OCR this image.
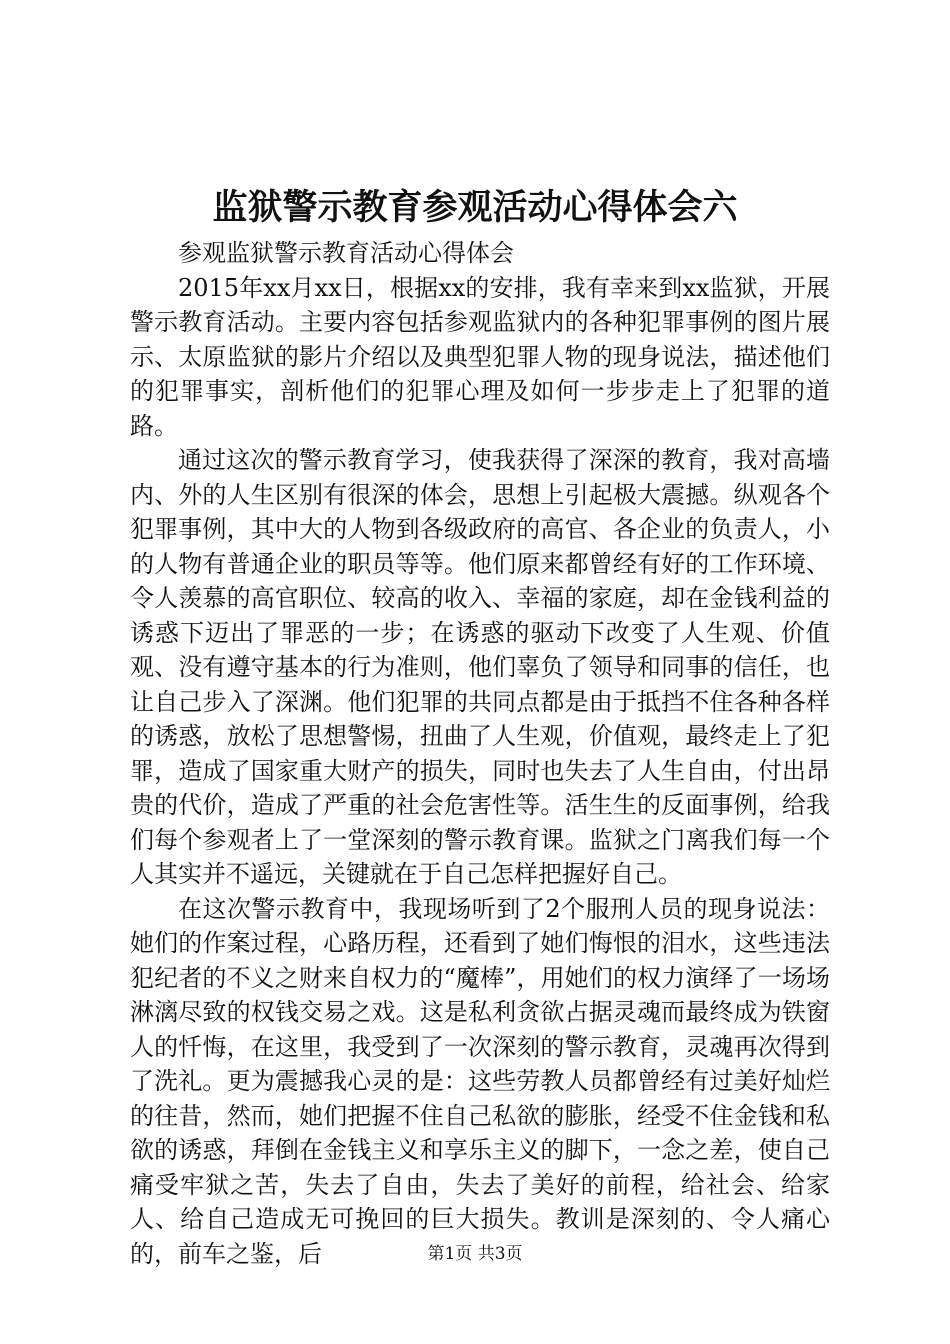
监狱警示教育参观活动心得体会六

参观监狱警示教育活动心得体会

2015年xx月xx日，根据xx的安排，我有幸来到xx监狱，开展警示教育活动。主要内容包括参观监狱内的各种犯罪事例的图片展示、太原监狱的影片介绍以及典型犯罪人物的现身说法，描述他们的犯罪事实，剖析他们的犯罪心理及如何一步步走上了犯罪的道路。

通过这次的警示教育学习，使我获得了深深的教育，我对高墙内、外的人生区别有很深的体会，思想上引起极大震撼。纵观各个犯罪事例，其中大的人物到各级政府的高官、各企业的负责人，小的人物有普通企业的职员等等。他们原来都曾经有好的工作环境、令人羡慕的高官职位、较高的收入、幸福的家庭，却在金钱利益的诱惑下迈出了罪恶的一步；在诱惑的驱动下改变了人生观、价值观、没有遵守基本的行为准则，他们辜负了领导和同事的信任，也让自己步入了深渊。他们犯罪的共同点都是由于抵挡不住各种各样的诱惑，放松了思想警惕，扭曲了人生观，价值观，最终走上了犯罪，造成了国家重大财产的损失，同时也失去了人生自由，付出昂贵的代价，造成了严重的社会危害性等。活生生的反面事例，给我们每个参观者上了一堂深刻的警示教育课。监狱之门离我们每一个人其实并不遥远，关键就在于自己怎样把握好自己。

在这次警示教育中，我现场听到了2个服刑人员的现身说法：她们的作案过程，心路历程，还看到了她们悔恨的泪水，这些违法犯纪者的不义之财来自权力的“魔棒”，用她们的权力演绎了一场场淋漓尽致的权钱交易之戏。这是私利贪欲占据灵魂而最终成为铁窗人的忏悔，在这里，我受到了一次深刻的警示教育，灵魂再次得到了洗礼。更为震撼我心灵的是：这些劳教人员都曾经有过美好灿烂的往昔，然而，她们把握不住自己私欲的膨胀，经受不住金钱和私欲的诱惑，拜倒在金钱主义和享乐主义的脚下，一念之差，使自己痛受牢狱之苦，失去了自由，失去了美好的前程，给社会、给家人、给自己造成无可挽回的巨大损失。教训是深刻的、令人痛心的，前车之鉴，后	第1页 共3页
